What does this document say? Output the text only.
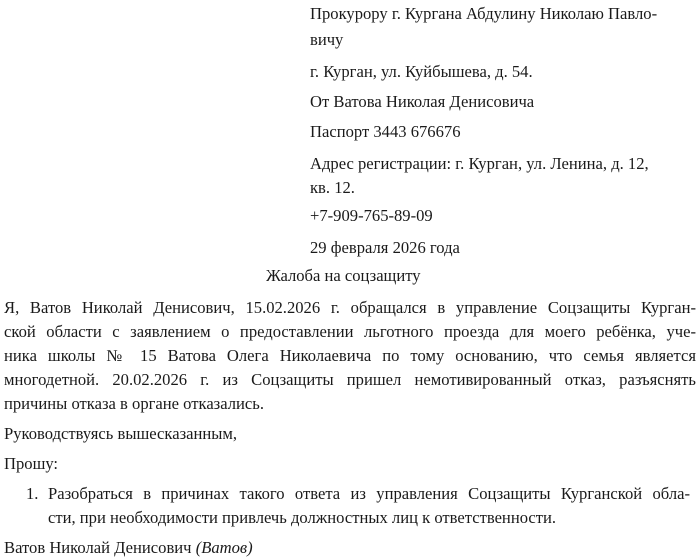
Прокурору г. Кургана Абдулину Николаю Павло-
вичу
г. Курган, ул. Куйбышева, д. 54.
От Ватова Николая Денисовича
Паспорт 3443 676676
Адрес регистрации: г. Курган, ул. Ленина, д. 12,
кв. 12.
+7-909-765-89-09
29 февраля 2026 года
Жалоба на соцзащиту
Я, Ватов Николай Денисович, 15.02.2026 г. обращался в управление Соцзащиты Курган-
ской области с заявлением о предоставлении льготного проезда для моего ребёнка, уче-
ника школы № 15 Ватова Олега Николаевича по тому основанию, что семья является
многодетной. 20.02.2026 г. из Соцзащиты пришел немотивированный отказ, разъяснять
причины отказа в органе отказались.
Руководствуясь вышесказанным,
Прошу:
1. Разобраться в причинах такого ответа из управления Соцзащиты Курганской обла-
сти, при необходимости привлечь должностных лиц к ответственности.
Ватов Николай Денисович (Ватов)
